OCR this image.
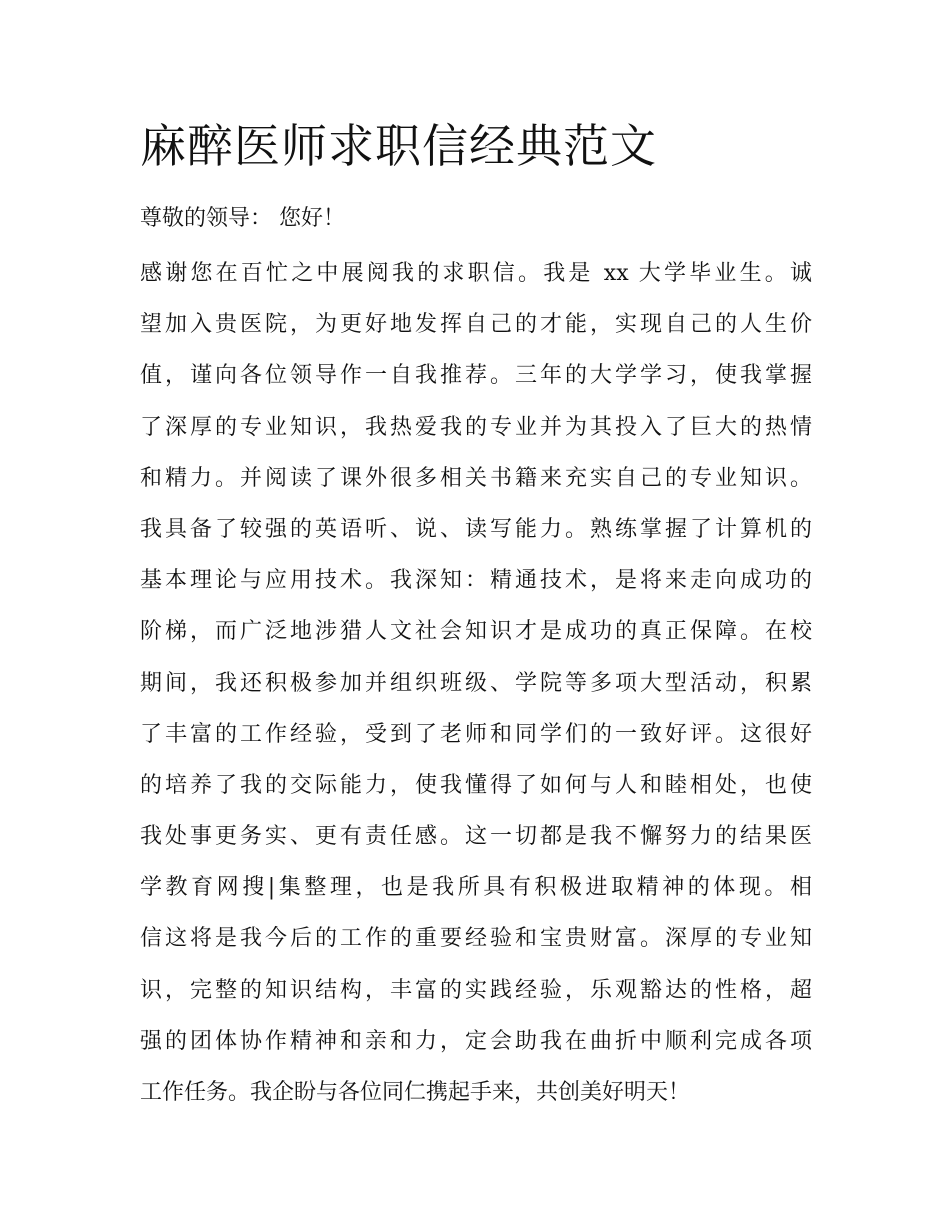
麻醉医师求职信经典范文

尊敬的领导： 您好！

感谢您在百忙之中展阅我的求职信。我是 xx 大学毕业生。诚
望加入贵医院，为更好地发挥自己的才能，实现自己的人生价
值，谨向各位领导作一自我推荐。三年的大学学习，使我掌握
了深厚的专业知识，我热爱我的专业并为其投入了巨大的热情
和精力。并阅读了课外很多相关书籍来充实自己的专业知识。
我具备了较强的英语听、说、读写能力。熟练掌握了计算机的
基本理论与应用技术。我深知：精通技术，是将来走向成功的
阶梯，而广泛地涉猎人文社会知识才是成功的真正保障。在校
期间，我还积极参加并组织班级、学院等多项大型活动，积累
了丰富的工作经验，受到了老师和同学们的一致好评。这很好
的培养了我的交际能力，使我懂得了如何与人和睦相处，也使
我处事更务实、更有责任感。这一切都是我不懈努力的结果医
学教育网搜|集整理，也是我所具有积极进取精神的体现。相
信这将是我今后的工作的重要经验和宝贵财富。深厚的专业知
识，完整的知识结构，丰富的实践经验，乐观豁达的性格，超
强的团体协作精神和亲和力，定会助我在曲折中顺利完成各项
工作任务。我企盼与各位同仁携起手来，共创美好明天！
